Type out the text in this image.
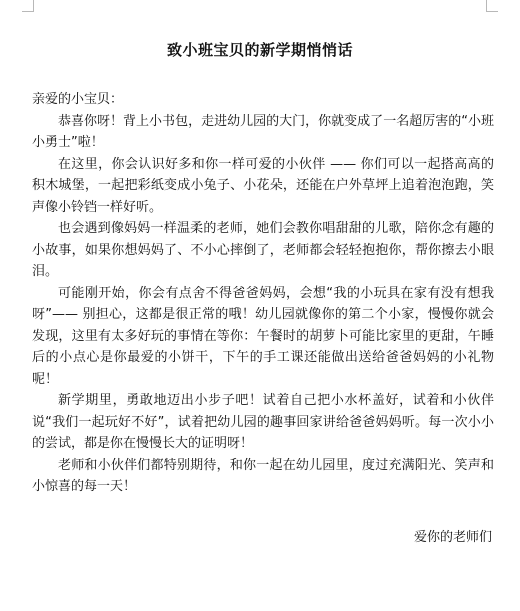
致小班宝贝的新学期悄悄话

亲爱的小宝贝：

恭喜你呀！背上小书包，走进幼儿园的大门，你就变成了一名超厉害的“小班小勇士”啦！

在这里，你会认识好多和你一样可爱的小伙伴 —— 你们可以一起搭高高的积木城堡，一起把彩纸变成小兔子、小花朵，还能在户外草坪上追着泡泡跑，笑声像小铃铛一样好听。

也会遇到像妈妈一样温柔的老师，她们会教你唱甜甜的儿歌，陪你念有趣的小故事，如果你想妈妈了、不小心摔倒了，老师都会轻轻抱抱你，帮你擦去小眼泪。

可能刚开始，你会有点舍不得爸爸妈妈，会想“我的小玩具在家有没有想我呀”—— 别担心，这都是很正常的哦！幼儿园就像你的第二个小家，慢慢你就会发现，这里有太多好玩的事情在等你：午餐时的胡萝卜可能比家里的更甜，午睡后的小点心是你最爱的小饼干，下午的手工课还能做出送给爸爸妈妈的小礼物呢！

新学期里，勇敢地迈出小步子吧！试着自己把小水杯盖好，试着和小伙伴说“我们一起玩好不好”，试着把幼儿园的趣事回家讲给爸爸妈妈听。每一次小小的尝试，都是你在慢慢长大的证明呀！

老师和小伙伴们都特别期待，和你一起在幼儿园里，度过充满阳光、笑声和小惊喜的每一天！

爱你的老师们
